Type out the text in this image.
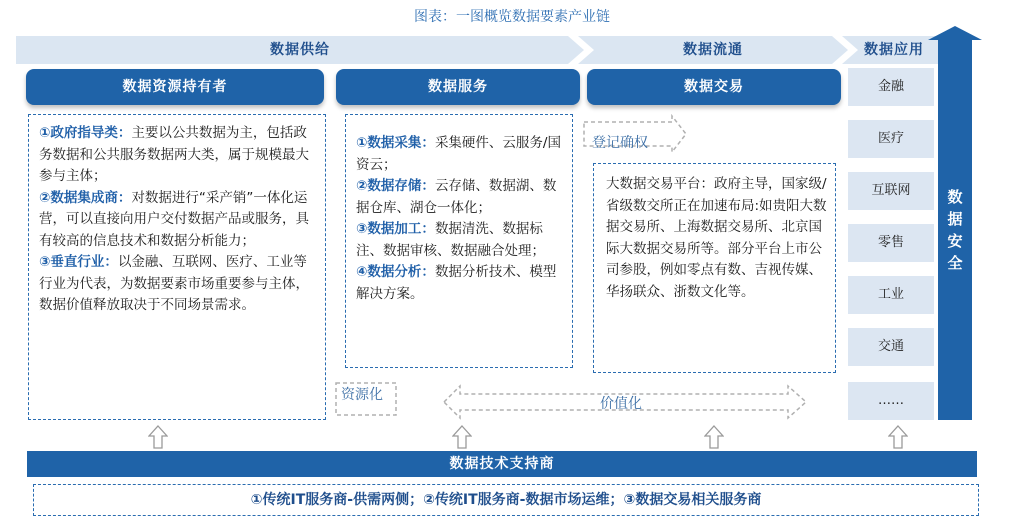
图表：一图概览数据要素产业链
数据供给	数据流通	数据应用
数据资源持有者	数据服务	数据交易
①政府指导类：主要以公共数据为主，包括政务数据和公共服务数据两大类，属于规模最大参与主体；
②数据集成商：对数据进行“采产销”一体化运营，可以直接向用户交付数据产品或服务，具有较高的信息技术和数据分析能力；
③垂直行业：以金融、互联网、医疗、工业等行业为代表，为数据要素市场重要参与主体，数据价值释放取决于不同场景需求。
①数据采集：采集硬件、云服务/国资云；
②数据存储：云存储、数据湖、数据仓库、湖仓一体化；
③数据加工：数据清洗、数据标注、数据审核、数据融合处理；
④数据分析：数据分析技术、模型解决方案。
登记确权
大数据交易平台：政府主导，国家级/省级数交所正在加速布局:如贵阳大数据交易所、上海数据交易所、北京国际大数据交易所等。部分平台上市公司参股，例如零点有数、吉视传媒、华扬联众、浙数文化等。
资源化
价值化
金融
医疗
互联网
零售
工业
交通
……
数
据
安
全
数据技术支持商
①传统IT服务商-供需两侧；②传统IT服务商-数据市场运维；③数据交易相关服务商
